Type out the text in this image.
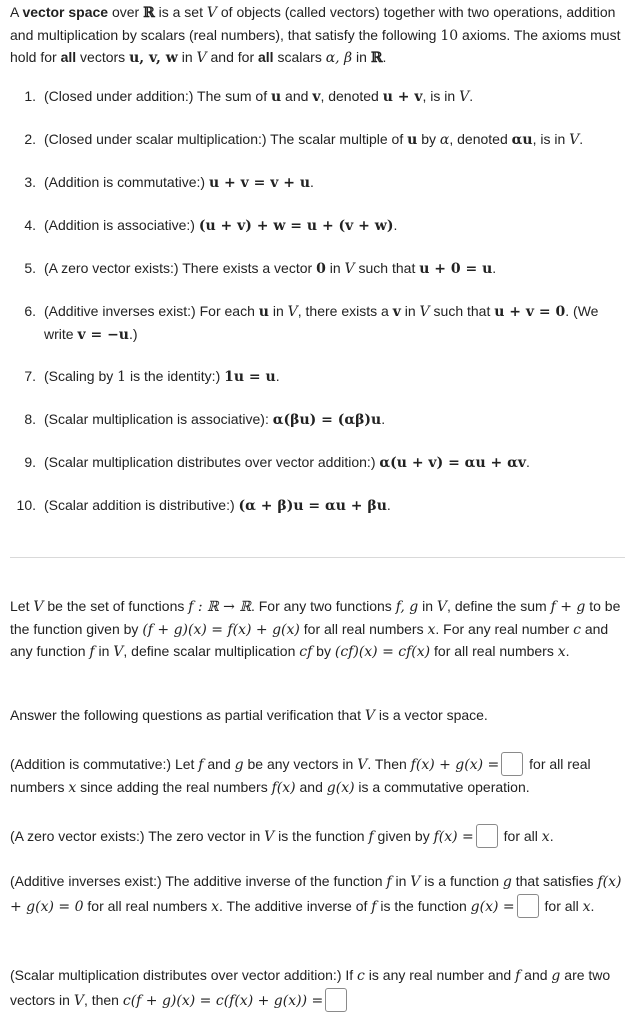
A vector space over ℝ is a set V of objects (called vectors) together with two operations, addition and multiplication by scalars (real numbers), that satisfy the following 10 axioms. The axioms must hold for all vectors u, v, w in V and for all scalars α, β in ℝ.
1. (Closed under addition:) The sum of u and v, denoted u + v, is in V.
2. (Closed under scalar multiplication:) The scalar multiple of u by α, denoted αu, is in V.
3. (Addition is commutative:) u + v = v + u.
4. (Addition is associative:) (u + v) + w = u + (v + w).
5. (A zero vector exists:) There exists a vector 0 in V such that u + 0 = u.
6. (Additive inverses exist:) For each u in V, there exists a v in V such that u + v = 0. (We write v = −u.)
7. (Scaling by 1 is the identity:) 1u = u.
8. (Scalar multiplication is associative): α(βu) = (αβ)u.
9. (Scalar multiplication distributes over vector addition:) α(u + v) = αu + αv.
10. (Scalar addition is distributive:) (α + β)u = αu + βu.
Let V be the set of functions f : ℝ → ℝ. For any two functions f, g in V, define the sum f + g to be the function given by (f + g)(x) = f(x) + g(x) for all real numbers x. For any real number c and any function f in V, define scalar multiplication cf by (cf)(x) = cf(x) for all real numbers x.
Answer the following questions as partial verification that V is a vector space.
(Addition is commutative:) Let f and g be any vectors in V. Then f(x) + g(x) = for all real numbers x since adding the real numbers f(x) and g(x) is a commutative operation.
(A zero vector exists:) The zero vector in V is the function f given by f(x) = for all x.
(Additive inverses exist:) The additive inverse of the function f in V is a function g that satisfies f(x) + g(x) = 0 for all real numbers x. The additive inverse of f is the function g(x) = for all x.
(Scalar multiplication distributes over vector addition:) If c is any real number and f and g are two vectors in V, then c(f + g)(x) = c(f(x) + g(x)) =
